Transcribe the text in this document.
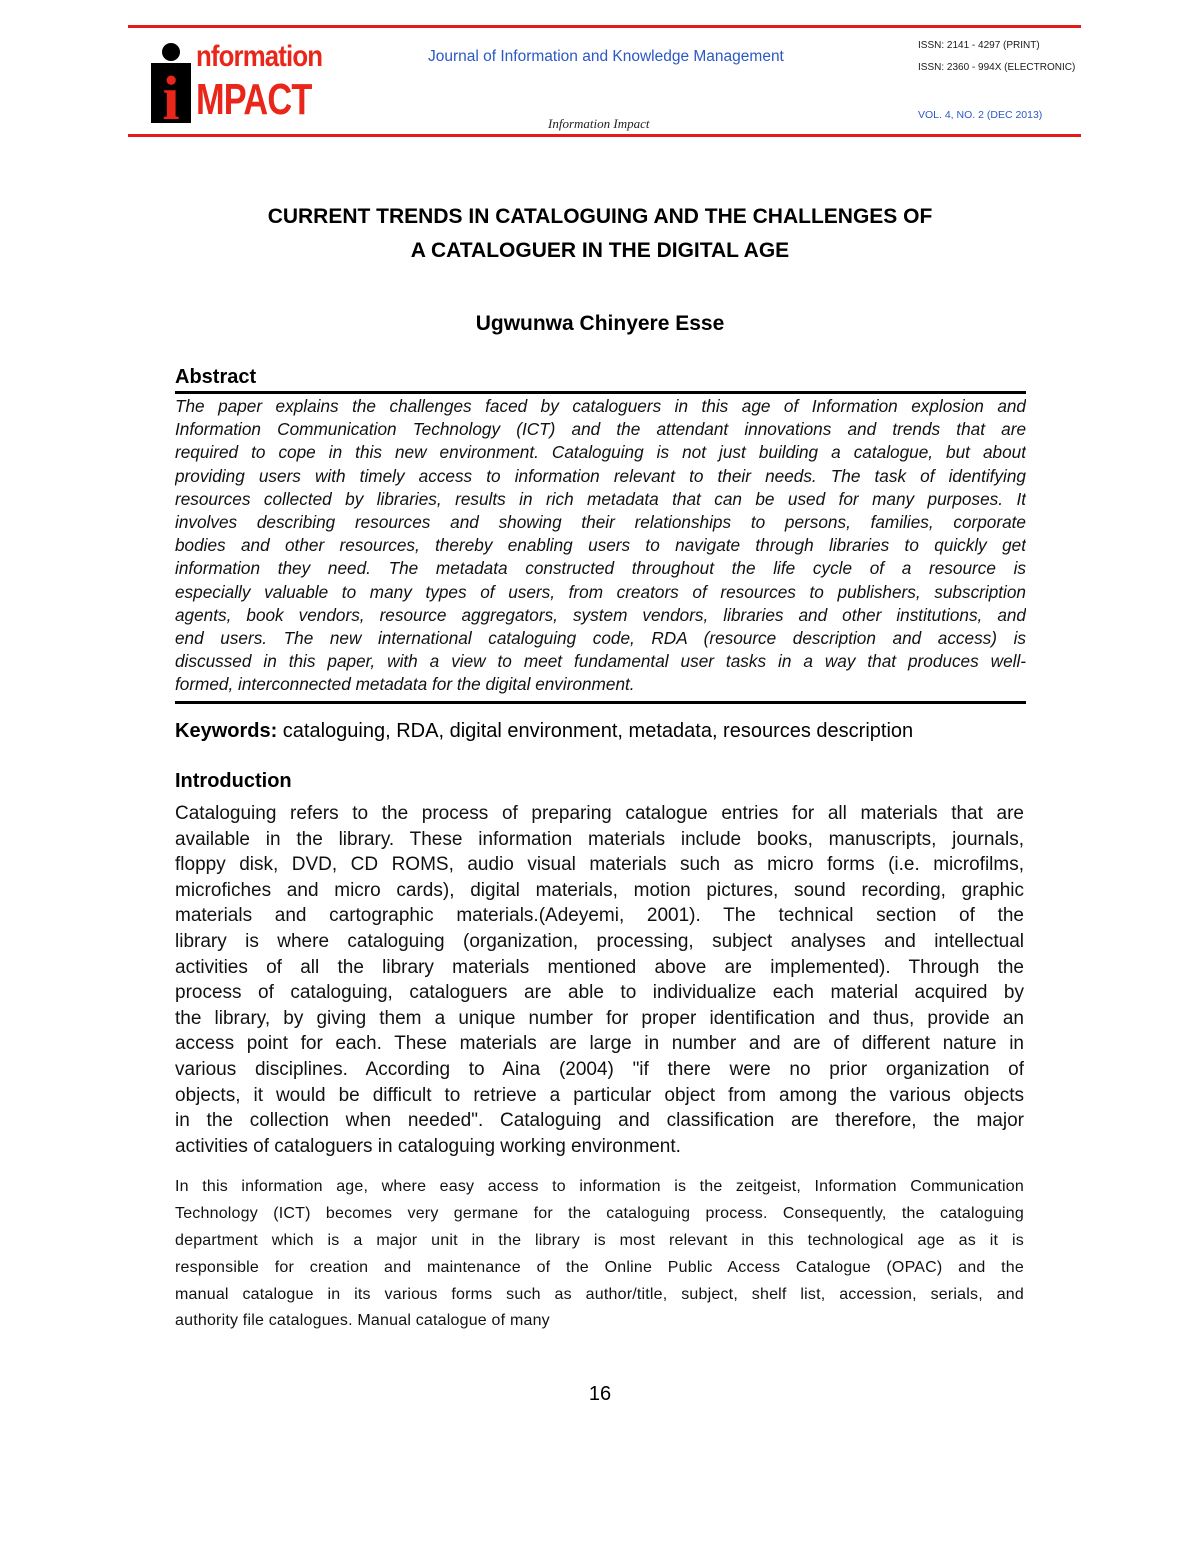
i
nformation
MPACT
Journal of Information and Knowledge Management
Information Impact
ISSN: 2141 - 4297 (PRINT)
ISSN: 2360 - 994X (ELECTRONIC)
VOL. 4, NO. 2 (DEC 2013)
CURRENT TRENDS IN CATALOGUING AND THE CHALLENGES OF
A CATALOGUER IN THE DIGITAL AGE
Ugwunwa Chinyere Esse
Abstract
The paper explains the challenges faced by cataloguers in this age of Information explosion and
Information Communication Technology (ICT) and the attendant innovations and trends that are
required to cope in this new environment. Cataloguing is not just building a catalogue, but about
providing users with timely access to information relevant to their needs. The task of identifying
resources collected by libraries, results in rich metadata that can be used for many purposes. It
involves describing resources and showing their relationships to persons, families, corporate
bodies and other resources, thereby enabling users to navigate through libraries to quickly get
information they need. The metadata constructed throughout the life cycle of a resource is
especially valuable to many types of users, from creators of resources to publishers, subscription
agents, book vendors, resource aggregators, system vendors, libraries and other institutions, and
end users. The new international cataloguing code, RDA (resource description and access) is
discussed in this paper, with a view to meet fundamental user tasks in a way that produces well-
formed, interconnected metadata for the digital environment.
Keywords: cataloguing, RDA, digital environment, metadata, resources description
Introduction
Cataloguing refers to the process of preparing catalogue entries for all materials that are
available in the library. These information materials include books, manuscripts, journals,
floppy disk, DVD, CD ROMS, audio visual materials such as micro forms (i.e. microfilms,
microfiches and micro cards), digital materials, motion pictures, sound recording, graphic
materials and cartographic materials.(Adeyemi, 2001). The technical section of the
library is where cataloguing (organization, processing, subject analyses and intellectual
activities of all the library materials mentioned above are implemented). Through the
process of cataloguing, cataloguers are able to individualize each material acquired by
the library, by giving them a unique number for proper identification and thus, provide an
access point for each. These materials are large in number and are of different nature in
various disciplines. According to Aina (2004) "if there were no prior organization of
objects, it would be difficult to retrieve a particular object from among the various objects
in the collection when needed". Cataloguing and classification are therefore, the major
activities of cataloguers in cataloguing working environment.
In this information age, where easy access to information is the zeitgeist, Information Communication
Technology (ICT) becomes very germane for the cataloguing process. Consequently, the cataloguing
department which is a major unit in the library is most relevant in this technological age as it is
responsible for creation and maintenance of the Online Public Access Catalogue (OPAC) and the
manual catalogue in its various forms such as author/title, subject, shelf list, accession, serials, and
authority file catalogues. Manual catalogue of many
16
